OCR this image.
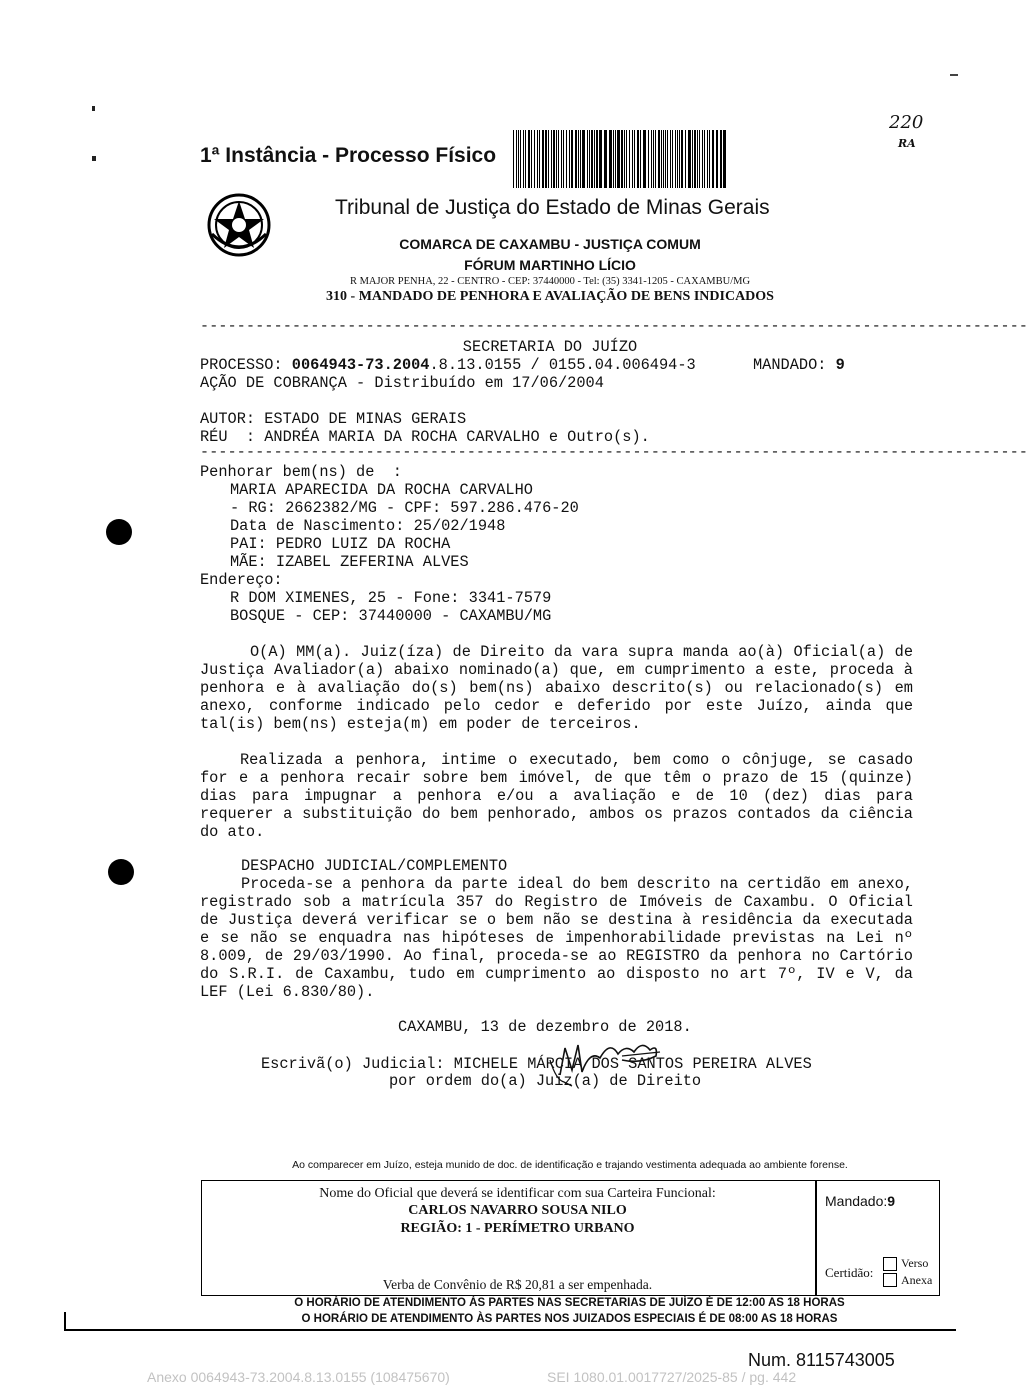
1ª Instância - Processo Físico
220
RA
Tribunal de Justiça do Estado de Minas Gerais
COMARCA DE CAXAMBU - JUSTIÇA COMUM
FÓRUM MARTINHO LÍCIO
R MAJOR PENHA, 22 - CENTRO - CEP: 37440000 - Tel: (35) 3341-1205 - CAXAMBU/MG
310 - MANDADO DE PENHORA E AVALIAÇÃO DE BENS INDICADOS
------------------------------------------------------------------------------------------
SECRETARIA DO JUÍZO
PROCESSO: 0064943-73.2004.8.13.0155 / 0155.04.006494-3	MANDADO: 9
AÇÃO DE COBRANÇA - Distribuído em 17/06/2004
AUTOR: ESTADO DE MINAS GERAIS
RÉU  : ANDRÉA MARIA DA ROCHA CARVALHO e Outro(s).
------------------------------------------------------------------------------------------
Penhorar bem(ns) de  :
MARIA APARECIDA DA ROCHA CARVALHO
- RG: 2662382/MG - CPF: 597.286.476-20
Data de Nascimento: 25/02/1948
PAI: PEDRO LUIZ DA ROCHA
MÃE: IZABEL ZEFERINA ALVES
Endereço:
R DOM XIMENES, 25 - Fone: 3341-7579
BOSQUE - CEP: 37440000 - CAXAMBU/MG
O(A) MM(a). Juiz(íza) de Direito da vara supra manda ao(à) Oficial(a) de Justiça Avaliador(a) abaixo nominado(a) que, em cumprimento a este, proceda à penhora e à avaliação do(s) bem(ns) abaixo descrito(s) ou relacionado(s) em anexo, conforme indicado pelo cedor e deferido por este Juízo, ainda que tal(is) bem(ns) esteja(m) em poder de terceiros.
Realizada a penhora, intime o executado, bem como o cônjuge, se casado for e a penhora recair sobre bem imóvel, de que têm o prazo de 15 (quinze) dias para impugnar a penhora e/ou a avaliação e de 10 (dez) dias para requerer a substituição do bem penhorado, ambos os prazos contados da ciência do ato.
DESPACHO JUDICIAL/COMPLEMENTO
Proceda-se a penhora da parte ideal do bem descrito na certidão em anexo, registrado sob a matrícula 357 do Registro de Imóveis de Caxambu. O Oficial de Justiça deverá verificar se o bem não se destina à residência da executada e se não se enquadra nas hipóteses de impenhorabilidade previstas na Lei nº 8.009, de 29/03/1990. Ao final, proceda-se ao REGISTRO da penhora no Cartório do S.R.I. de Caxambu, tudo em cumprimento ao disposto no art 7º, IV e V, da LEF (Lei 6.830/80).
CAXAMBU, 13 de dezembro de 2018.
Escrivã(o) Judicial: MICHELE MÁRCIA DOS SANTOS PEREIRA ALVES
por ordem do(a) Juiz(a) de Direito
Ao comparecer em Juízo, esteja munido de doc. de identificação e trajando vestimenta adequada ao ambiente forense.
Nome do Oficial que deverá se identificar com sua Carteira Funcional:
CARLOS NAVARRO SOUSA NILO
REGIÃO: 1 - PERÍMETRO URBANO
Verba de Convênio de R$ 20,81 a ser empenhada.
Mandado:9
Certidão:
Verso
Anexa
O HORÁRIO DE ATENDIMENTO ÀS PARTES NAS SECRETARIAS DE JUÍZO É DE 12:00 AS 18 HORAS
O HORÁRIO DE ATENDIMENTO ÀS PARTES NOS JUIZADOS ESPECIAIS É DE 08:00 AS 18 HORAS
Num. 8115743005
Anexo 0064943-73.2004.8.13.0155 (108475670)	SEI 1080.01.0017727/2025-85 / pg. 442
